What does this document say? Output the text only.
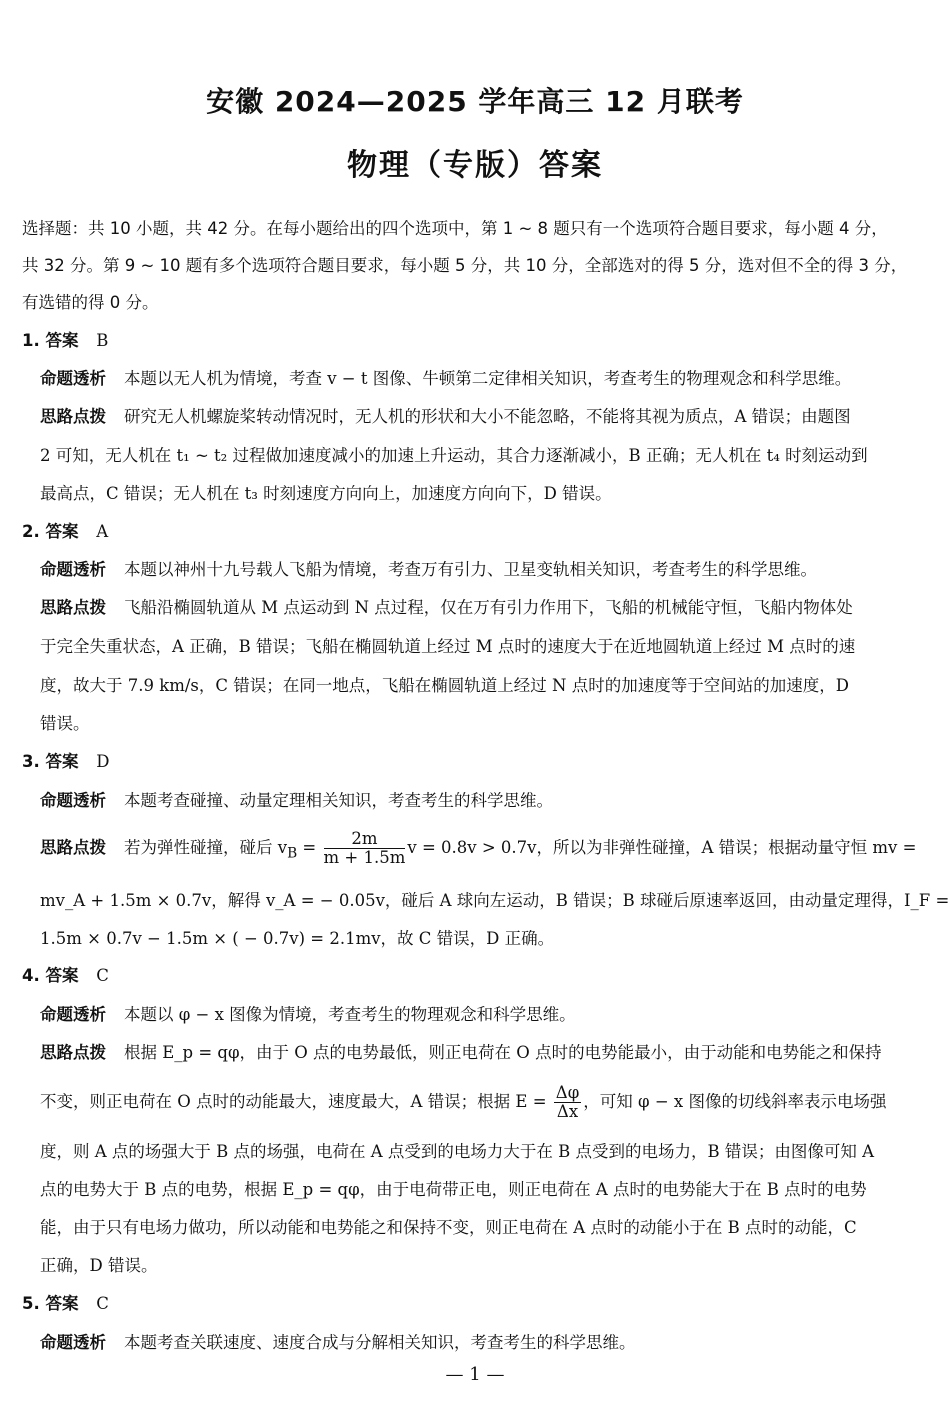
安徽 2024—2025 学年高三 12 月联考
物理（专版）答案
选择题：共 10 小题，共 42 分。在每小题给出的四个选项中，第 1 ~ 8 题只有一个选项符合题目要求，每小题 4 分，
共 32 分。第 9 ~ 10 题有多个选项符合题目要求，每小题 5 分，共 10 分，全部选对的得 5 分，选对但不全的得 3 分，
有选错的得 0 分。
1. 答案 B
命题透析 本题以无人机为情境，考查 v − t 图像、牛顿第二定律相关知识，考查考生的物理观念和科学思维。
思路点拨 研究无人机螺旋桨转动情况时，无人机的形状和大小不能忽略，不能将其视为质点，A 错误；由题图
2 可知，无人机在 t₁ ~ t₂ 过程做加速度减小的加速上升运动，其合力逐渐减小，B 正确；无人机在 t₄ 时刻运动到
最高点，C 错误；无人机在 t₃ 时刻速度方向向上，加速度方向向下，D 错误。
2. 答案 A
命题透析 本题以神州十九号载人飞船为情境，考查万有引力、卫星变轨相关知识，考查考生的科学思维。
思路点拨 飞船沿椭圆轨道从 M 点运动到 N 点过程，仅在万有引力作用下，飞船的机械能守恒，飞船内物体处
于完全失重状态，A 正确，B 错误；飞船在椭圆轨道上经过 M 点时的速度大于在近地圆轨道上经过 M 点时的速
度，故大于 7.9 km/s，C 错误；在同一地点，飞船在椭圆轨道上经过 N 点时的加速度等于空间站的加速度，D
错误。
3. 答案 D
命题透析 本题考查碰撞、动量定理相关知识，考查考生的科学思维。
思路点拨 若为弹性碰撞，碰后 $v_B = \frac{2m}{m + 1.5m}$ v = 0.8v > 0.7v，所以为非弹性碰撞，A 错误；根据动量守恒 mv =
mv_A + 1.5m × 0.7v，解得 v_A = − 0.05v，碰后 A 球向左运动，B 错误；B 球碰后原速率返回，由动量定理得，I_F =
1.5m × 0.7v − 1.5m × ( − 0.7v) = 2.1mv，故 C 错误，D 正确。
4. 答案 C
命题透析 本题以 φ − x 图像为情境，考查考生的物理观念和科学思维。
思路点拨 根据 E_p = qφ，由于 O 点的电势最低，则正电荷在 O 点时的电势能最小，由于动能和电势能之和保持
不变，则正电荷在 O 点时的动能最大，速度最大，A 错误；根据 $E = \frac{\Delta\varphi}{\Delta x}$ ，可知 φ − x 图像的切线斜率表示电场强
度，则 A 点的场强大于 B 点的场强，电荷在 A 点受到的电场力大于在 B 点受到的电场力，B 错误；由图像可知 A
点的电势大于 B 点的电势，根据 E_p = qφ，由于电荷带正电，则正电荷在 A 点时的电势能大于在 B 点时的电势
能，由于只有电场力做功，所以动能和电势能之和保持不变，则正电荷在 A 点时的动能小于在 B 点时的动能，C
正确，D 错误。
5. 答案 C
命题透析 本题考查关联速度、速度合成与分解相关知识，考查考生的科学思维。
— 1 —
